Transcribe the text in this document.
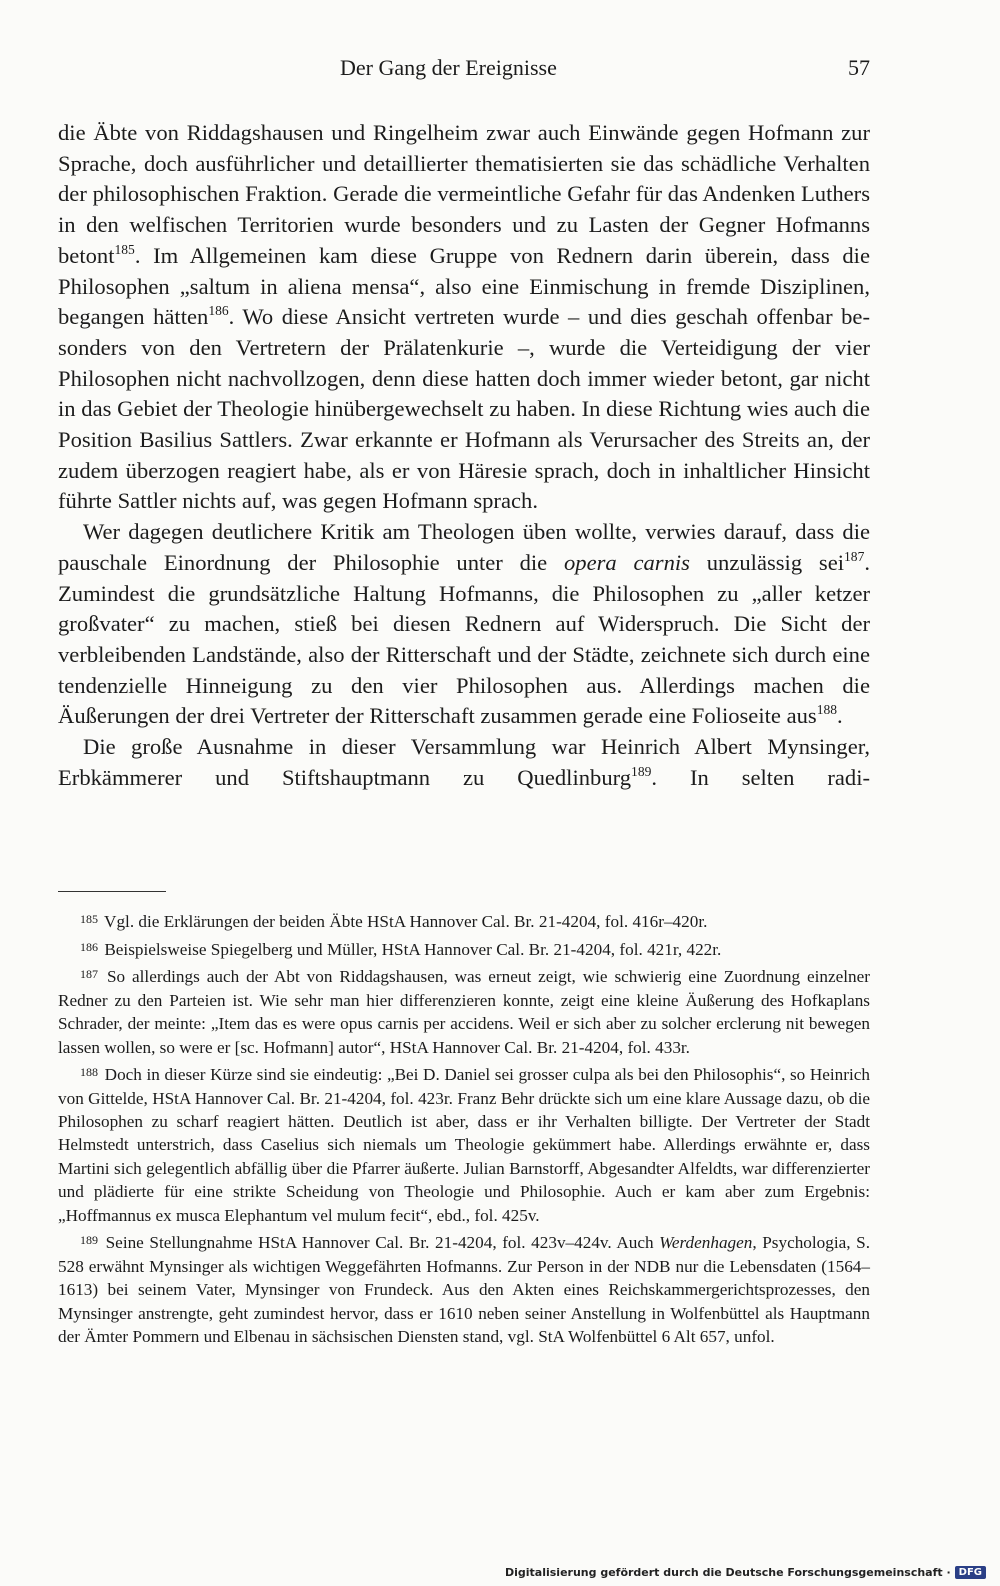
Der Gang der Ereignisse	57

die Äbte von Riddagshausen und Ringelheim zwar auch Einwände gegen Hofmann zur Sprache, doch ausführlicher und detaillierter thematisierten sie das schädliche Verhalten der philosophischen Fraktion. Gerade die vermeintliche Gefahr für das Andenken Luthers in den welfischen Territorien wurde besonders und zu Lasten der Gegner Hofmanns betont$^{185}$. Im Allgemeinen kam diese Gruppe von Rednern darin überein, dass die Philosophen „saltum in aliena mensa“, also eine Einmischung in fremde Disziplinen, begangen hätten$^{186}$. Wo diese Ansicht vertreten wurde – und dies geschah offenbar besonders von den Vertretern der Prälatenkurie –, wurde die Verteidigung der vier Philosophen nicht nachvollzogen, denn diese hatten doch immer wieder betont, gar nicht in das Gebiet der Theologie hinübergewechselt zu haben. In diese Richtung wies auch die Position Basilius Sattlers. Zwar erkannte er Hofmann als Verursacher des Streits an, der zudem überzogen reagiert habe, als er von Häresie sprach, doch in inhaltlicher Hinsicht führte Sattler nichts auf, was gegen Hofmann sprach.

Wer dagegen deutlichere Kritik am Theologen üben wollte, verwies darauf, dass die pauschale Einordnung der Philosophie unter die opera carnis unzulässig sei$^{187}$. Zumindest die grundsätzliche Haltung Hofmanns, die Philosophen zu „aller ketzer großvater“ zu machen, stieß bei diesen Rednern auf Widerspruch. Die Sicht der verbleibenden Landstände, also der Ritterschaft und der Städte, zeichnete sich durch eine tendenzielle Hinneigung zu den vier Philosophen aus. Allerdings machen die Äußerungen der drei Vertreter der Ritterschaft zusammen gerade eine Folioseite aus$^{188}$.

Die große Ausnahme in dieser Versammlung war Heinrich Albert Mynsinger, Erbkämmerer und Stiftshauptmann zu Quedlinburg$^{189}$. In selten radi-

$^{185}$ Vgl. die Erklärungen der beiden Äbte HStA Hannover Cal. Br. 21-4204, fol. 416r–420r.

$^{186}$ Beispielsweise Spiegelberg und Müller, HStA Hannover Cal. Br. 21-4204, fol. 421r, 422r.

$^{187}$ So allerdings auch der Abt von Riddagshausen, was erneut zeigt, wie schwierig eine Zuordnung einzelner Redner zu den Parteien ist. Wie sehr man hier differenzieren konnte, zeigt eine kleine Äußerung des Hofkaplans Schrader, der meinte: „Item das es were opus carnis per accidens. Weil er sich aber zu solcher erclerung nit bewegen lassen wollen, so were er [sc. Hofmann] autor“, HStA Hannover Cal. Br. 21-4204, fol. 433r.

$^{188}$ Doch in dieser Kürze sind sie eindeutig: „Bei D. Daniel sei grosser culpa als bei den Philosophis“, so Heinrich von Gittelde, HStA Hannover Cal. Br. 21-4204, fol. 423r. Franz Behr drückte sich um eine klare Aussage dazu, ob die Philosophen zu scharf reagiert hätten. Deutlich ist aber, dass er ihr Verhalten billigte. Der Vertreter der Stadt Helmstedt unterstrich, dass Caselius sich niemals um Theologie gekümmert habe. Allerdings erwähnte er, dass Martini sich gelegentlich abfällig über die Pfarrer äußerte. Julian Barnstorff, Abgesandter Alfeldts, war differenzierter und plädierte für eine strikte Scheidung von Theologie und Philosophie. Auch er kam aber zum Ergebnis: „Hoffmannus ex musca Elephantum vel mulum fecit“, ebd., fol. 425v.

$^{189}$ Seine Stellungnahme HStA Hannover Cal. Br. 21-4204, fol. 423v–424v. Auch Werdenhagen, Psychologia, S. 528 erwähnt Mynsinger als wichtigen Weggefährten Hofmanns. Zur Person in der NDB nur die Lebensdaten (1564–1613) bei seinem Vater, Mynsinger von Frundeck. Aus den Akten eines Reichskammergerichtsprozesses, den Mynsinger anstrengte, geht zumindest hervor, dass er 1610 neben seiner Anstellung in Wolfenbüttel als Hauptmann der Ämter Pommern und Elbenau in sächsischen Diensten stand, vgl. StA Wolfenbüttel 6 Alt 657, unfol.

Digitalisierung gefördert durch die Deutsche Forschungsgemeinschaft · DFG
